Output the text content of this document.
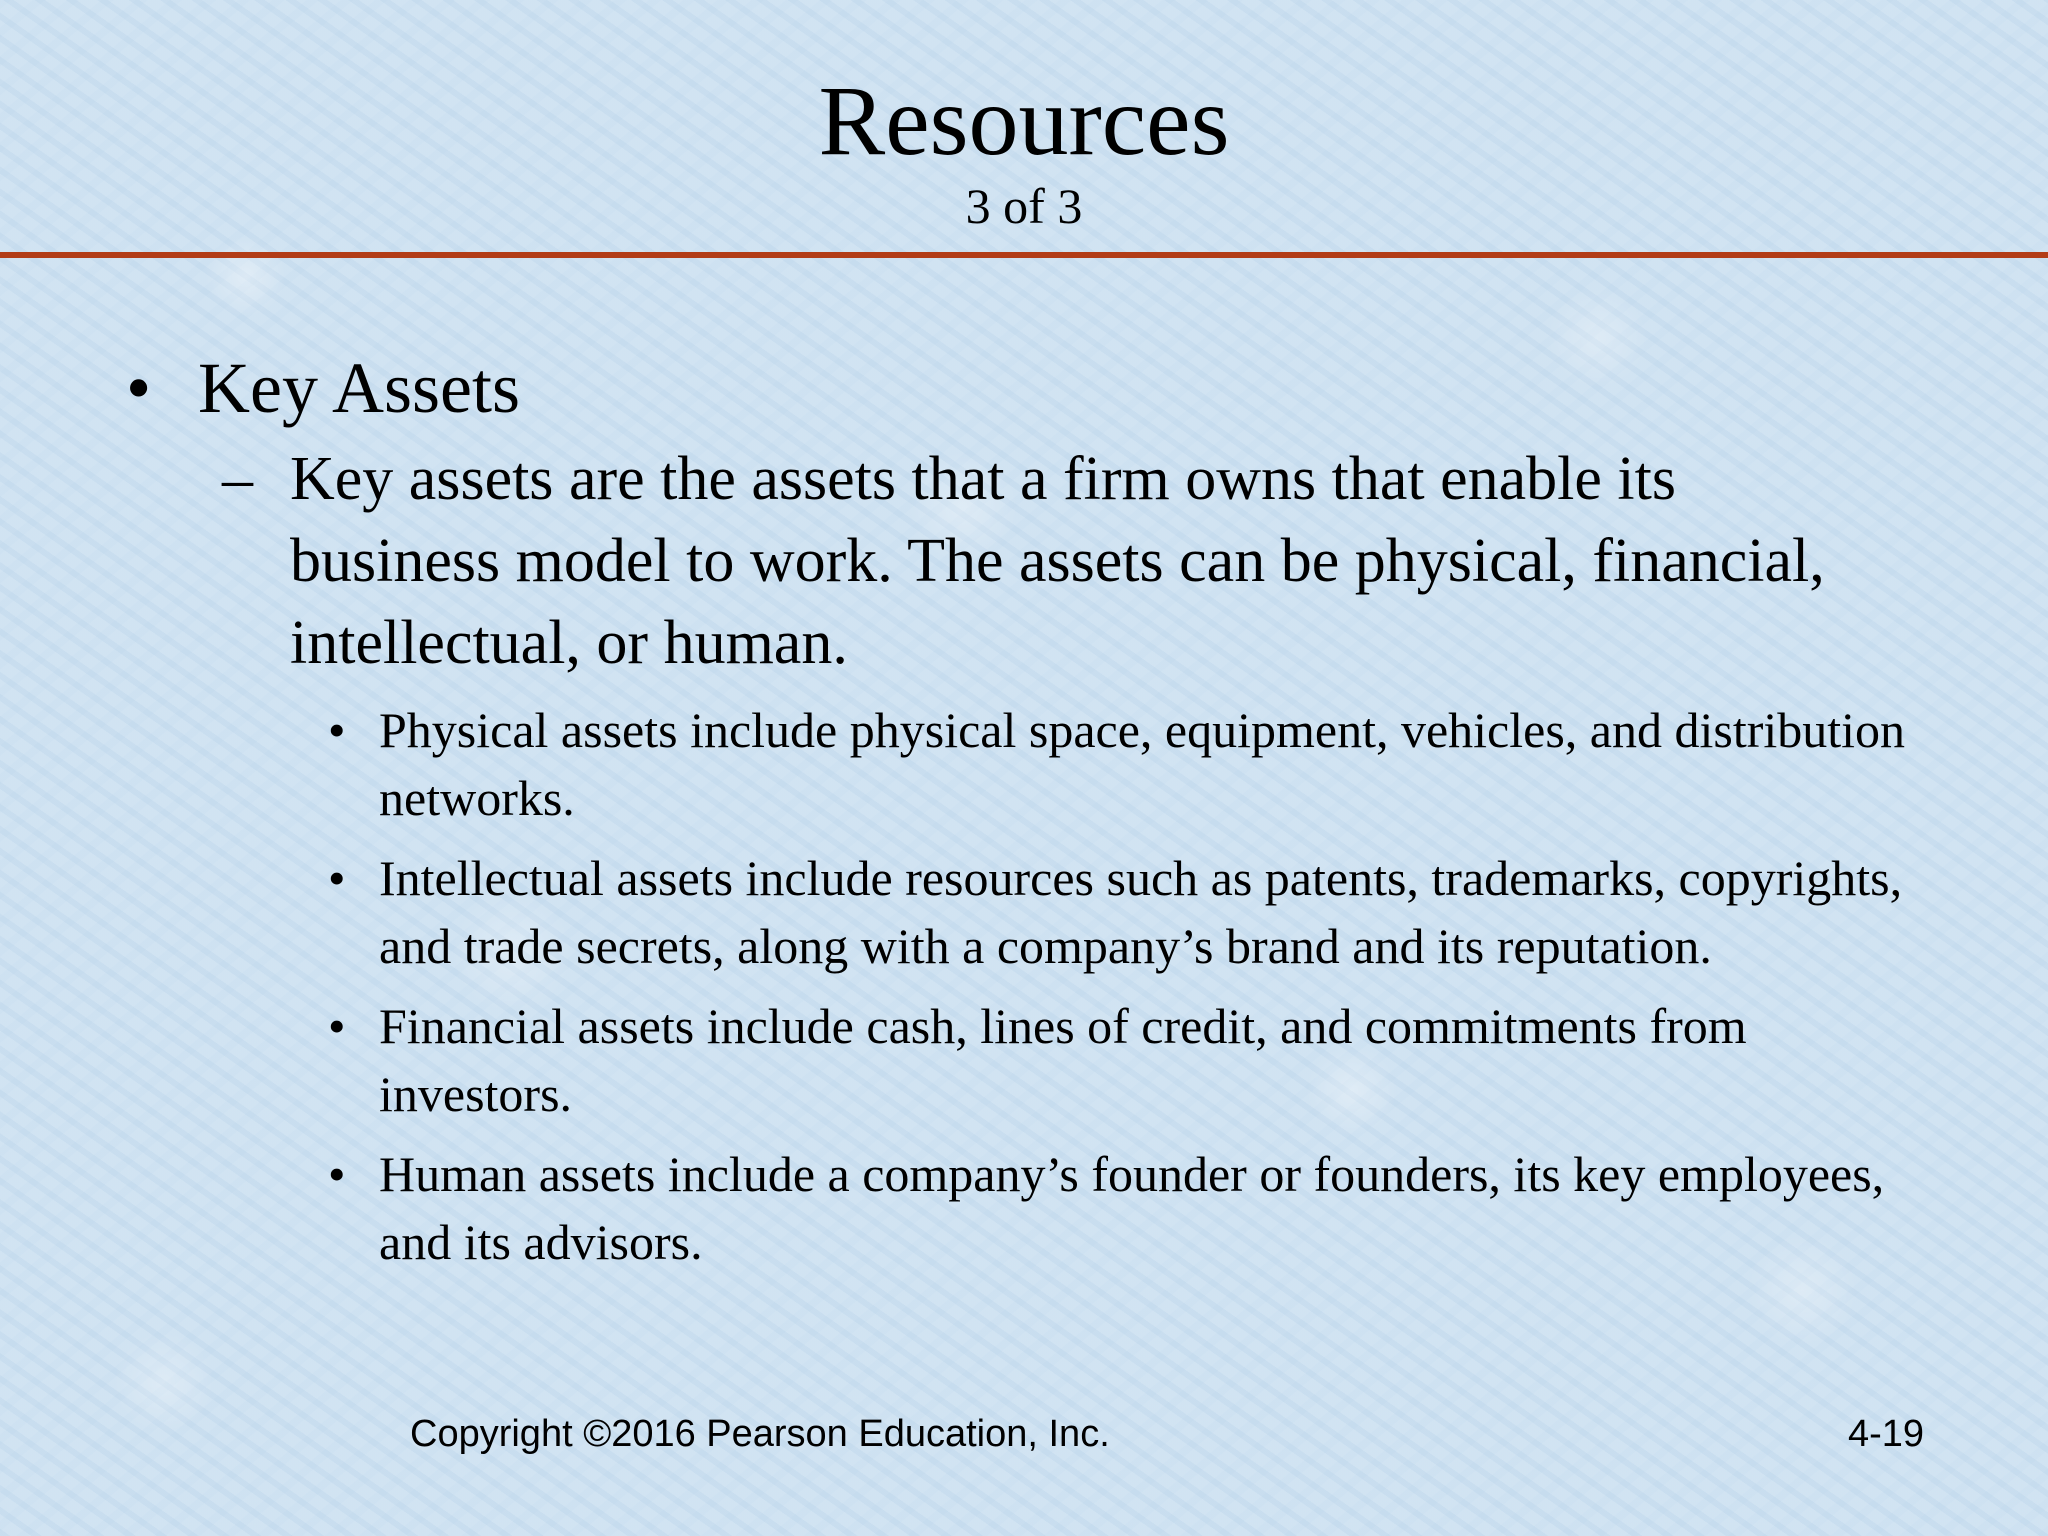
Resources
3 of 3
• Key Assets
– Key assets are the assets that a firm owns that enable its business model to work. The assets can be physical, financial, intellectual, or human.
• Physical assets include physical space, equipment, vehicles, and distribution networks.
• Intellectual assets include resources such as patents, trademarks, copyrights, and trade secrets, along with a company’s brand and its reputation.
• Financial assets include cash, lines of credit, and commitments from investors.
• Human assets include a company’s founder or founders, its key employees, and its advisors.
Copyright ©2016 Pearson Education, Inc.	4-19
